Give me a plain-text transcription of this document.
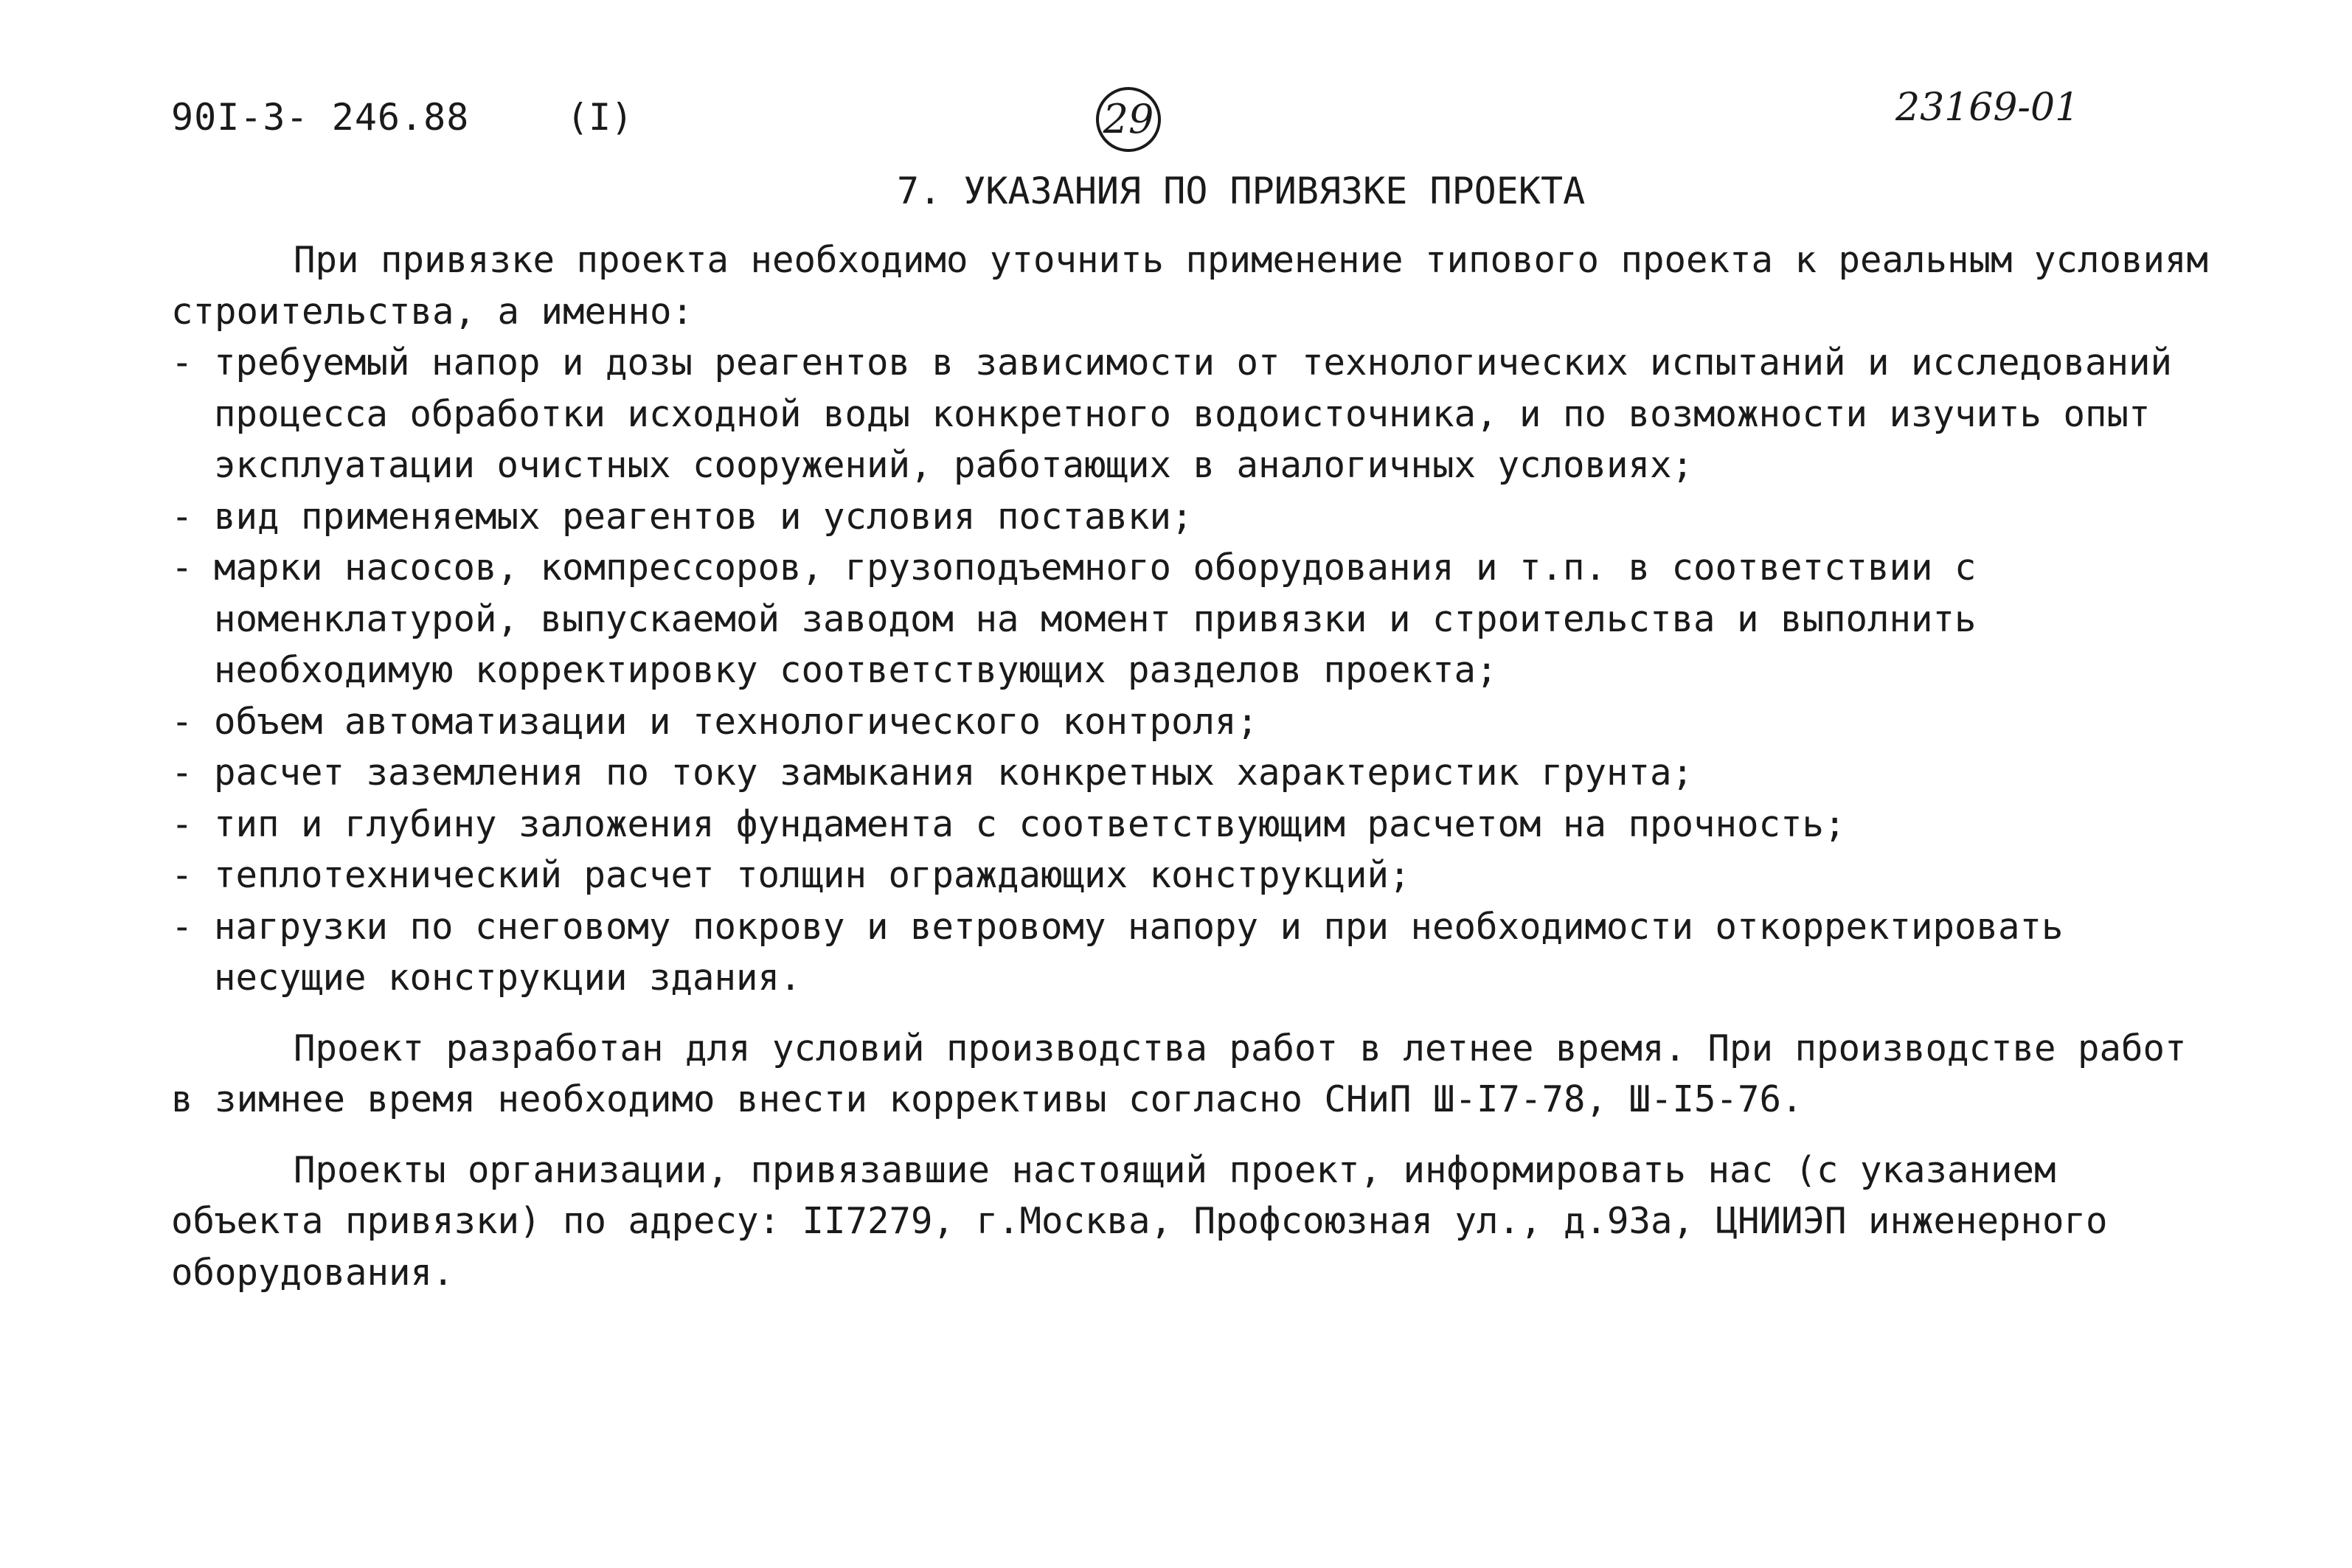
90I-3- 246.88	(I)	29	23169-01
7. УКАЗАНИЯ ПО ПРИВЯЗКЕ ПРОЕКТА

При привязке проекта необходимо уточнить применение типового проекта к реальным условиям строительства, а именно:

- требуемый напор и дозы реагентов в зависимости от технологических испытаний и исследований процесса обработки исходной воды конкретного водоисточника, и по возможности изучить опыт эксплуатации очистных сооружений, работающих в аналогичных условиях;
- вид применяемых реагентов и условия поставки;
- марки насосов, компрессоров, грузоподъемного оборудования и т.п. в соответствии с номенклатурой, выпускаемой заводом на момент привязки и строительства и выполнить необходимую корректировку соответствующих разделов проекта;
- объем автоматизации и технологического контроля;
- расчет заземления по току замыкания конкретных характеристик грунта;
- тип и глубину заложения фундамента с соответствующим расчетом на прочность;
- теплотехнический расчет толщин ограждающих конструкций;
- нагрузки по снеговому покрову и ветровому напору и при необходимости откорректировать несущие конструкции здания.

Проект разработан для условий производства работ в летнее время. При производстве работ в зимнее время необходимо внести коррективы согласно СНиП Ш-I7-78, Ш-I5-76.

Проекты организации, привязавшие настоящий проект, информировать нас (с указанием объекта привязки) по адресу: II7279, г.Москва, Профсоюзная ул., д.93а, ЦНИИЭП инженерного оборудования.
